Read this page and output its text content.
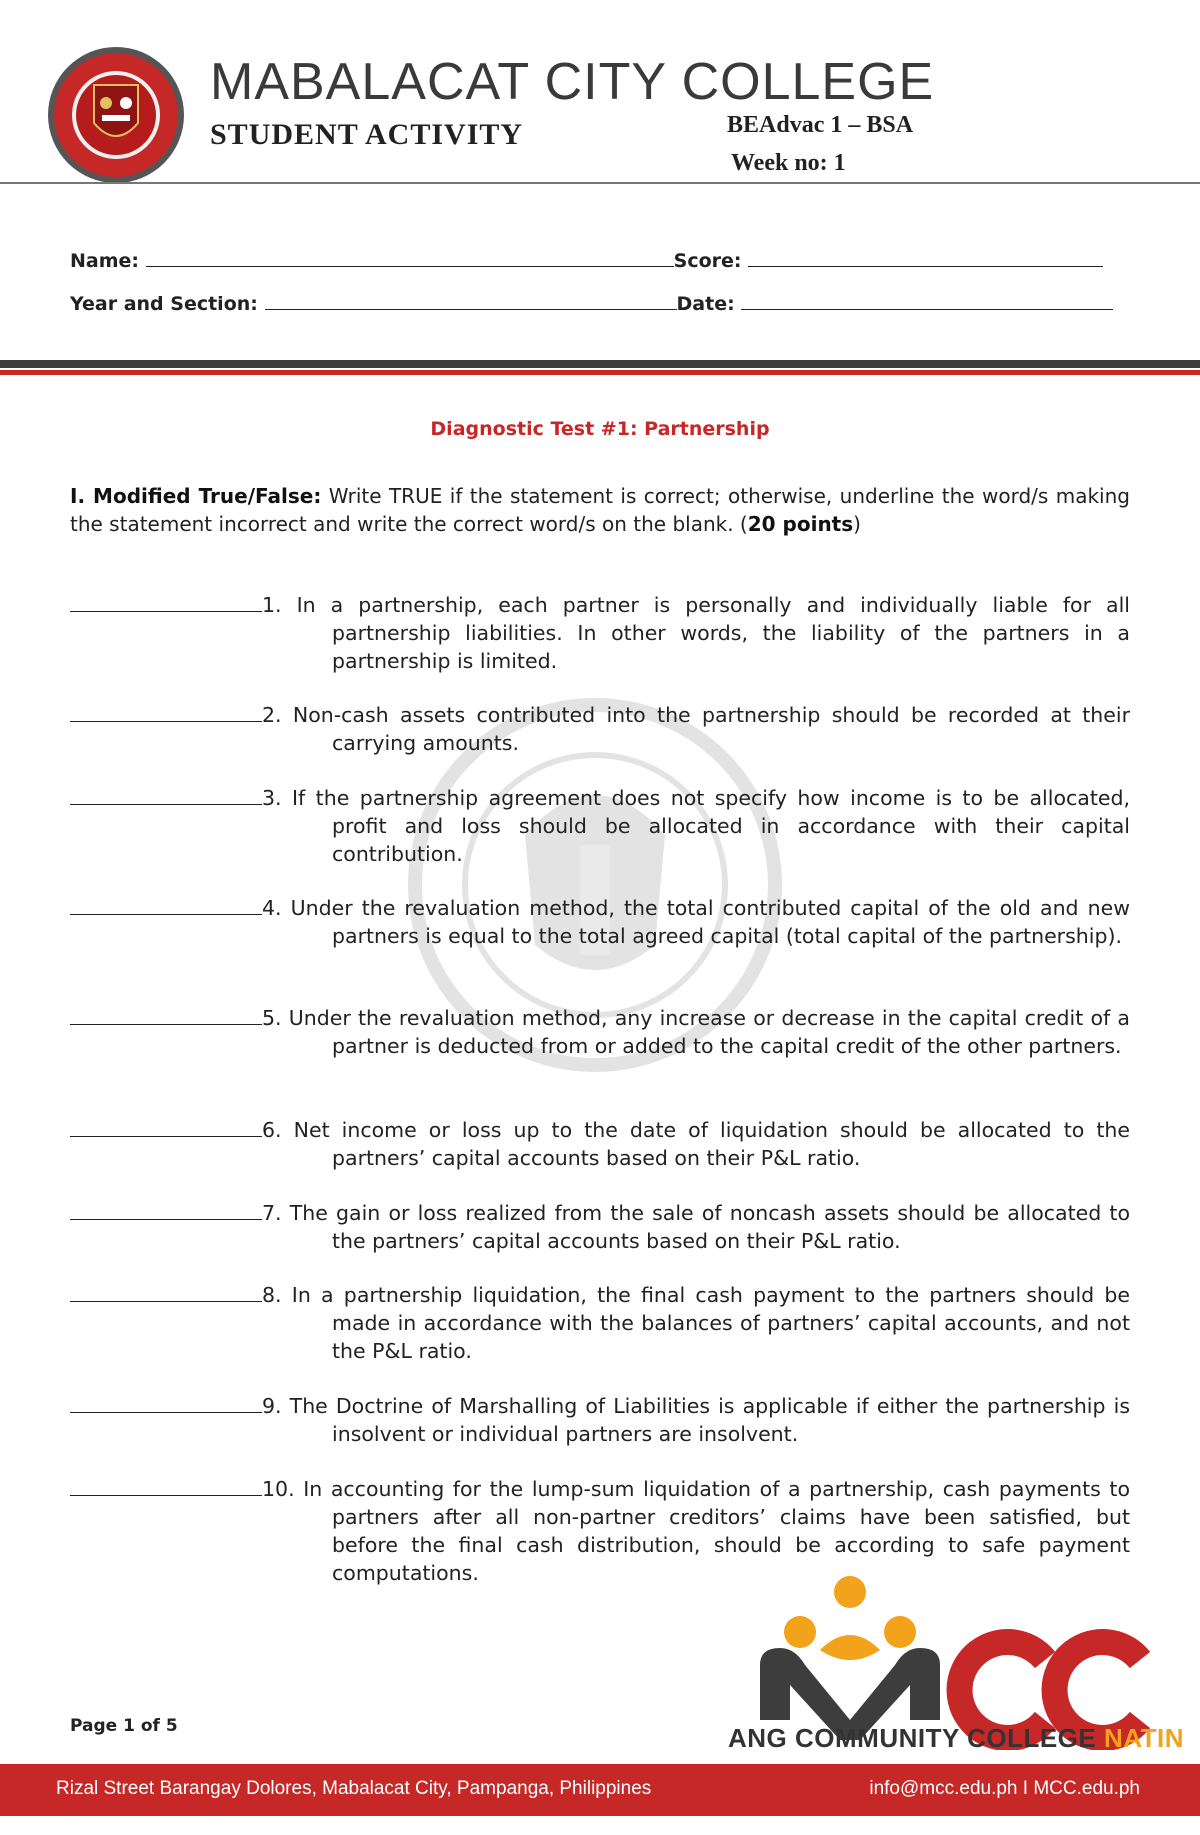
MABALACAT CITY COLLEGE
STUDENT ACTIVITY	BEAdvac 1 – BSA
Week no: 1
Name:	Score:
Year and Section:	Date:
Diagnostic Test #1: Partnership
I. Modified True/False: Write TRUE if the statement is correct; otherwise, underline the word/s making the statement incorrect and write the correct word/s on the blank. (20 points)
1. In a partnership, each partner is personally and individually liable for all partnership liabilities. In other words, the liability of the partners in a partnership is limited.
2. Non-cash assets contributed into the partnership should be recorded at their carrying amounts.
3. If the partnership agreement does not specify how income is to be allocated, profit and loss should be allocated in accordance with their capital contribution.
4. Under the revaluation method, the total contributed capital of the old and new partners is equal to the total agreed capital (total capital of the partnership).
5. Under the revaluation method, any increase or decrease in the capital credit of a partner is deducted from or added to the capital credit of the other partners.
6. Net income or loss up to the date of liquidation should be allocated to the partners’ capital accounts based on their P&L ratio.
7. The gain or loss realized from the sale of noncash assets should be allocated to the partners’ capital accounts based on their P&L ratio.
8. In a partnership liquidation, the final cash payment to the partners should be made in accordance with the balances of partners’ capital accounts, and not the P&L ratio.
9. The Doctrine of Marshalling of Liabilities is applicable if either the partnership is insolvent or individual partners are insolvent.
10. In accounting for the lump-sum liquidation of a partnership, cash payments to partners after all non-partner creditors’ claims have been satisfied, but before the final cash distribution, should be according to safe payment computations.
Page 1 of 5	ANG COMMUNITY COLLEGE NATIN
Rizal Street Barangay Dolores, Mabalacat City, Pampanga, Philippines	info@mcc.edu.ph I MCC.edu.ph
